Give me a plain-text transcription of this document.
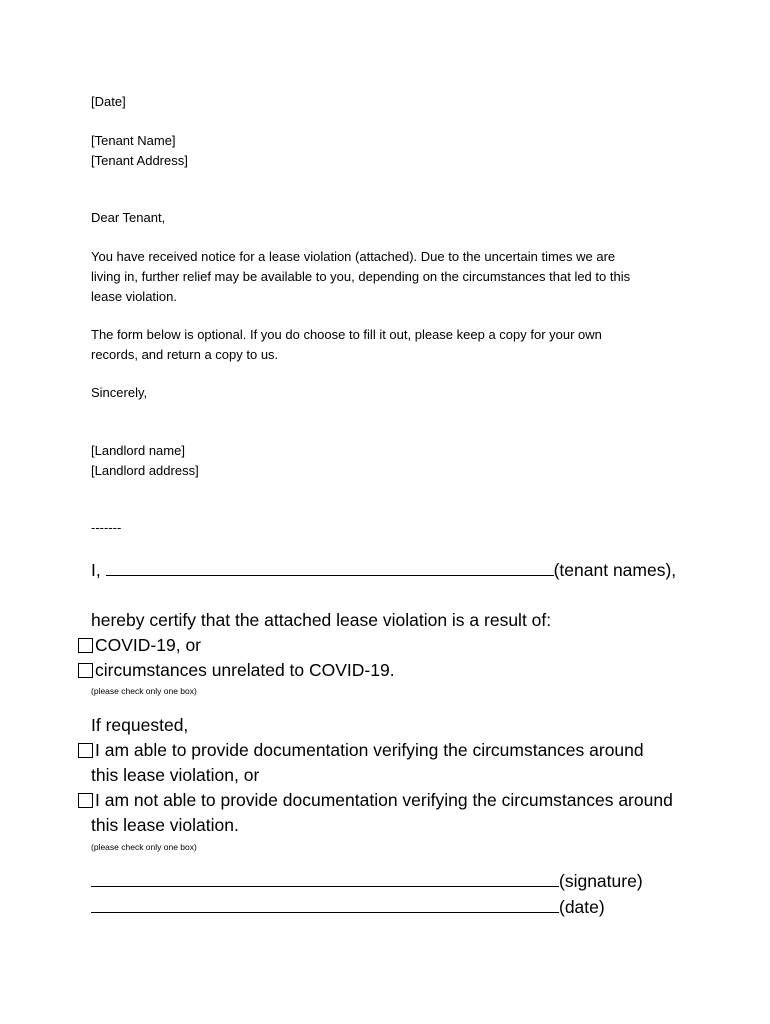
[Date]
[Tenant Name]
[Tenant Address]
Dear Tenant,
You have received notice for a lease violation (attached). Due to the uncertain times we are
living in, further relief may be available to you, depending on the circumstances that led to this
lease violation.
The form below is optional. If you do choose to fill it out, please keep a copy for your own
records, and return a copy to us.
Sincerely,
[Landlord name]
[Landlord address]
-------
I,	(tenant names),
hereby certify that the attached lease violation is a result of:
COVID-19, or
circumstances unrelated to COVID-19.
(please check only one box)
If requested,
I am able to provide documentation verifying the circumstances around
this lease violation, or
I am not able to provide documentation verifying the circumstances around
this lease violation.
(please check only one box)
(signature)
(date)
